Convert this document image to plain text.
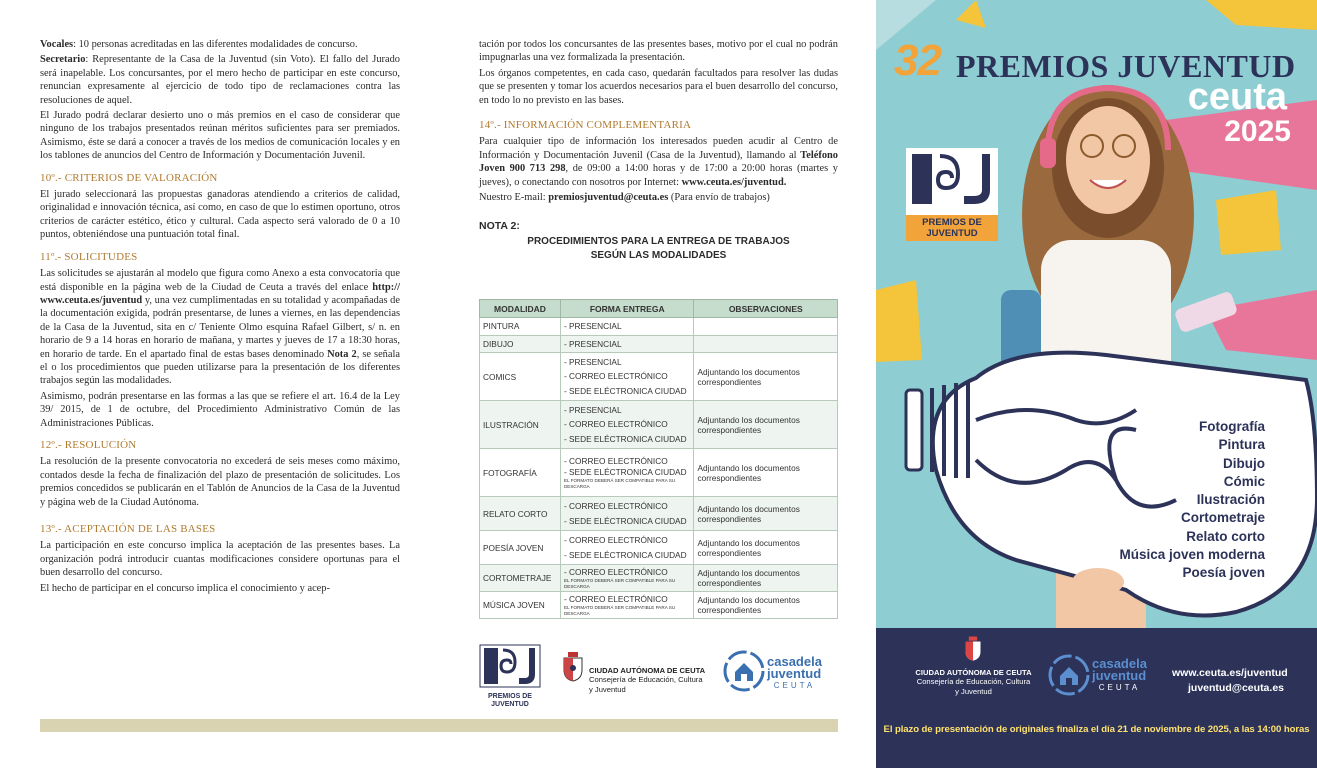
Vocales: 10 personas acreditadas en las diferentes modalidades de concurso.

Secretario: Representante de la Casa de la Juventud (sin Voto). El fallo del Jurado será inapelable. Los concursantes, por el mero hecho de participar en este concurso, renuncian expresamente al ejercicio de todo tipo de reclamaciones contra las resoluciones de aquel.

El Jurado podrá declarar desierto uno o más premios en el caso de considerar que ninguno de los trabajos presentados reúnan méritos suficientes para ser premiados. Asimismo, éste se dará a conocer a través de los medios de comunicación locales y en los tablones de anuncios del Centro de Información y Documentación Juvenil.

10º.- CRITERIOS DE VALORACIÓN

El jurado seleccionará las propuestas ganadoras atendiendo a criterios de calidad, originalidad e innovación técnica, así como, en caso de que lo estimen oportuno, otros criterios de carácter estético, ético y cultural. Cada aspecto será valorado de 0 a 10 puntos, obteniéndose una puntuación total final.

11º.- SOLICITUDES

Las solicitudes se ajustarán al modelo que figura como Anexo a esta convocatoria que está disponible en la página web de la Ciudad de Ceuta a través del enlace http:// www.ceuta.es/juventud y, una vez cumplimentadas en su totalidad y acompañadas de la documentación exigida, podrán presentarse, de lunes a viernes, en las dependencias de la Casa de la Juventud, sita en c/ Teniente Olmo esquina Rafael Gilbert, s/ n. en horario de 9 a 14 horas en horario de mañana, y martes y jueves de 17 a 18:30 horas, en horario de tarde. En el apartado final de estas bases denominado Nota 2, se señala el o los procedimientos que pueden utilizarse para la presentación de los diferentes trabajos según las modalidades.

Asimismo, podrán presentarse en las formas a las que se refiere el art. 16.4 de la Ley 39/ 2015, de 1 de octubre, del Procedimiento Administrativo Común de las Administraciones Públicas.

12º.- RESOLUCIÓN

La resolución de la presente convocatoria no excederá de seis meses como máximo, contados desde la fecha de finalización del plazo de presentación de solicitudes. Los premios concedidos se publicarán en el Tablón de Anuncios de la Casa de la Juventud y página web de la Ciudad Autónoma.

13º.- ACEPTACIÓN DE LAS BASES

La participación en este concurso implica la aceptación de las presentes bases. La organización podrá introducir cuantas modificaciones considere oportunas para el buen desarrollo del concurso.

El hecho de participar en el concurso implica el conocimiento y acep-

tación por todos los concursantes de las presentes bases, motivo por el cual no podrán impugnarlas una vez formalizada la presentación.

Los órganos competentes, en cada caso, quedarán facultados para resolver las dudas que se presenten y tomar los acuerdos necesarios para el buen desarrollo del concurso, en todo lo no previsto en las bases.

14º.- INFORMACIÓN COMPLEMENTARIA

Para cualquier tipo de información los interesados pueden acudir al Centro de Información y Documentación Juvenil (Casa de la Juventud), llamando al Teléfono Joven 900 713 298, de 09:00 a 14:00 horas y de 17:00 a 20:00 horas (martes y jueves), o conectando con nosotros por Internet: www.ceuta.es/juventud.

Nuestro E-mail: premiosjuventud@ceuta.es (Para envío de trabajos)

NOTA 2:
PROCEDIMIENTOS PARA LA ENTREGA DE TRABAJOS
SEGÚN LAS MODALIDADES
MODALIDAD	FORMA ENTREGA	OBSERVACIONES
PINTURA	- PRESENCIAL	

DIBUJO	- PRESENCIAL	

COMICS	- PRESENCIAL
- CORREO ELECTRÓNICO
- SEDE ELÉCTRONICA CIUDAD	Adjuntando los documentos correspondientes
ILUSTRACIÓN	- PRESENCIAL
- CORREO ELECTRÓNICO
- SEDE ELÉCTRONICA CIUDAD	Adjuntando los documentos correspondientes
FOTOGRAFÍA	- CORREO ELECTRÓNICO
- SEDE ELÉCTRONICA CIUDAD
EL FORMATO DEBERÁ SER COMPATIBLE PARA SU DESCARGA	Adjuntando los documentos correspondientes
RELATO CORTO	- CORREO ELECTRÓNICO
- SEDE ELÉCTRONICA CIUDAD	Adjuntando los documentos correspondientes
POESÍA JOVEN	- CORREO ELECTRÓNICO
- SEDE ELÉCTRONICA CIUDAD	Adjuntando los documentos correspondientes
CORTOMETRAJE	- CORREO ELECTRÓNICO
EL FORMATO DEBERÁ SER COMPATIBLE PARA SU DESCARGA	Adjuntando los documentos correspondientes
MÚSICA JOVEN	- CORREO ELECTRÓNICO
EL FORMATO DEBERÁ SER COMPATIBLE PARA SU DESCARGA	Adjuntando los documentos correspondientes
PREMIOS DE
JUVENTUD
CIUDAD AUTÓNOMA DE CEUTA
Consejería de Educación, Cultura
y Juventud
casadela
juventud
CEUTA
PREMIOS DE
JUVENTUD
32 PREMIOS JUVENTUD
ceuta
2025
Fotografía
Pintura
Dibujo
Cómic
Ilustración
Cortometraje
Relato corto
Música joven moderna
Poesía joven
CIUDAD AUTÓNOMA DE CEUTA
Consejería de Educación, Cultura
y Juventud
casadela
juventud
CEUTA
www.ceuta.es/juventud
juventud@ceuta.es
El plazo de presentación de originales finaliza el día 21 de noviembre de 2025, a las 14:00 horas
